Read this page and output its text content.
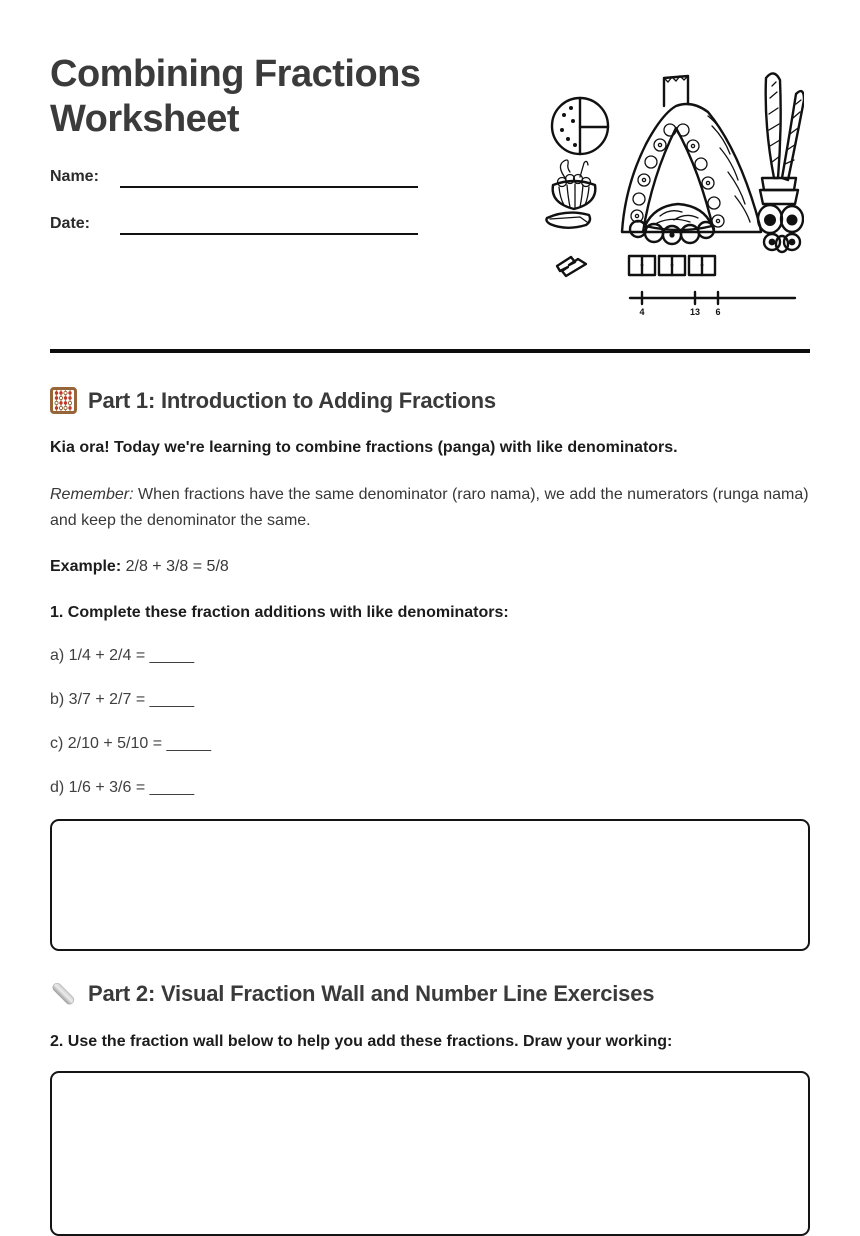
Combining Fractions Worksheet
Name:
Date:
4	13 6
Part 1: Introduction to Adding Fractions

Kia ora! Today we're learning to combine fractions (panga) with like denominators.

Remember: When fractions have the same denominator (raro nama), we add the numerators (runga nama) and keep the denominator the same.

Example: 2/8 + 3/8 = 5/8

1. Complete these fraction additions with like denominators:

a) 1/4 + 2/4 = _____

b) 3/7 + 2/7 = _____

c) 2/10 + 5/10 = _____

d) 1/6 + 3/6 = _____

Part 2: Visual Fraction Wall and Number Line Exercises

2. Use the fraction wall below to help you add these fractions. Draw your working:
